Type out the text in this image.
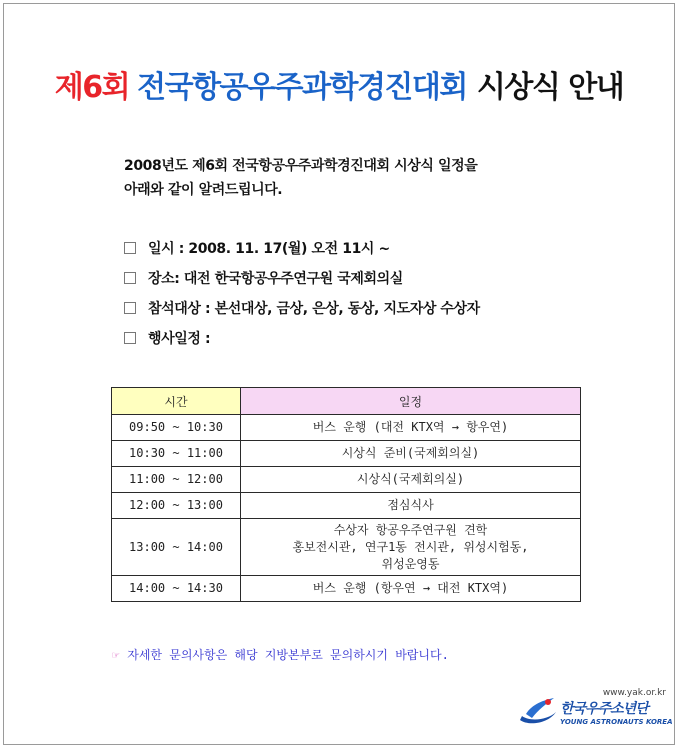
제6회 전국항공우주과학경진대회 시상식 안내
2008년도 제6회 전국항공우주과학경진대회 시상식 일정을
아래와 같이 알려드립니다.
일시 : 2008. 11. 17(월) 오전 11시 ~
장소: 대전 한국항공우주연구원 국제회의실
참석대상 : 본선대상, 금상, 은상, 동상, 지도자상 수상자
행사일정 :
시간	일정
09:50 ~ 10:30	버스 운행 (대전 KTX역 → 항우연)

10:30 ~ 11:00	시상식 준비(국제회의실)

11:00 ~ 12:00	시상식(국제회의실)

12:00 ~ 13:00	점심식사

13:00 ~ 14:00	수상자 항공우주연구원 견학
홍보전시관, 연구1동 전시관, 위성시험동,
위성운영동

14:00 ~ 14:30	버스 운행 (항우연 → 대전 KTX역)
☞ 자세한 문의사항은 해당 지방본부로 문의하시기 바랍니다.
www.yak.or.kr
한국우주소년단
YOUNG ASTRONAUTS KOREA
